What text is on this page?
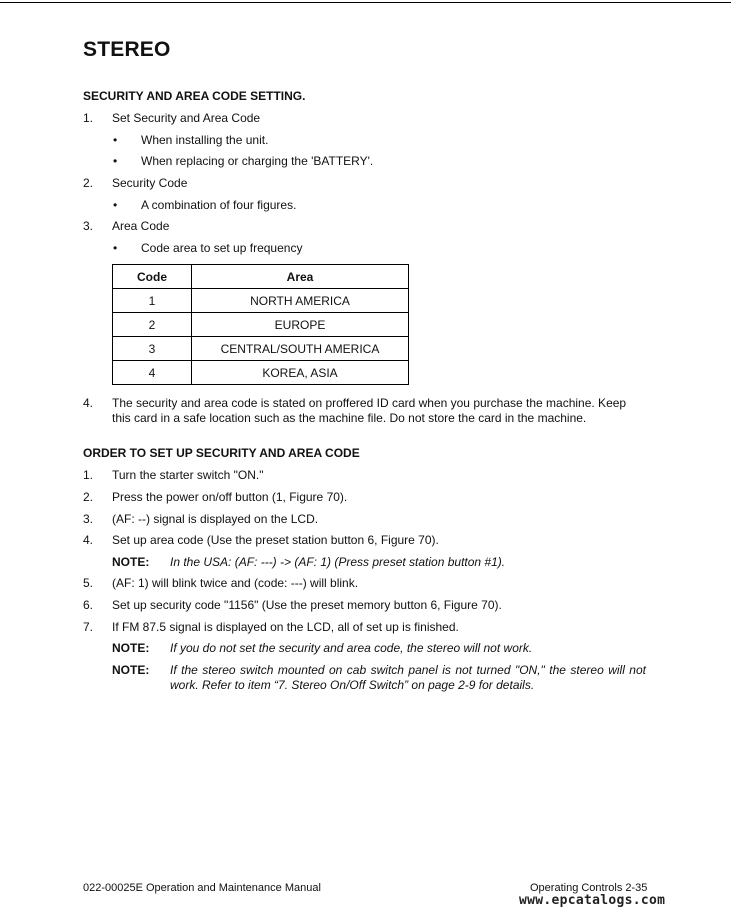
STEREO
SECURITY AND AREA CODE SETTING.
1. Set Security and Area Code
• When installing the unit.
• When replacing or charging the 'BATTERY'.
2. Security Code
• A combination of four figures.
3. Area Code
• Code area to set up frequency
Code	Area
1	NORTH AMERICA
2	EUROPE
3	CENTRAL/SOUTH AMERICA
4	KOREA, ASIA
4. The security and area code is stated on proffered ID card when you purchase the machine. Keep this card in a safe location such as the machine file. Do not store the card in the machine.
ORDER TO SET UP SECURITY AND AREA CODE
1. Turn the starter switch "ON."
2. Press the power on/off button (1, Figure 70).
3. (AF: --) signal is displayed on the LCD.
4. Set up area code (Use the preset station button 6, Figure 70).
NOTE: In the USA: (AF: ---) -> (AF: 1) (Press preset station button #1).
5. (AF: 1) will blink twice and (code: ---) will blink.
6. Set up security code "1156" (Use the preset memory button 6, Figure 70).
7. If FM 87.5 signal is displayed on the LCD, all of set up is finished.
NOTE: If you do not set the security and area code, the stereo will not work.
NOTE: If the stereo switch mounted on cab switch panel is not turned "ON," the stereo will not work. Refer to item “7. Stereo On/Off Switch” on page 2-9 for details.
022-00025E Operation and Maintenance Manual	Operating Controls 2-35
www.epcatalogs.com
